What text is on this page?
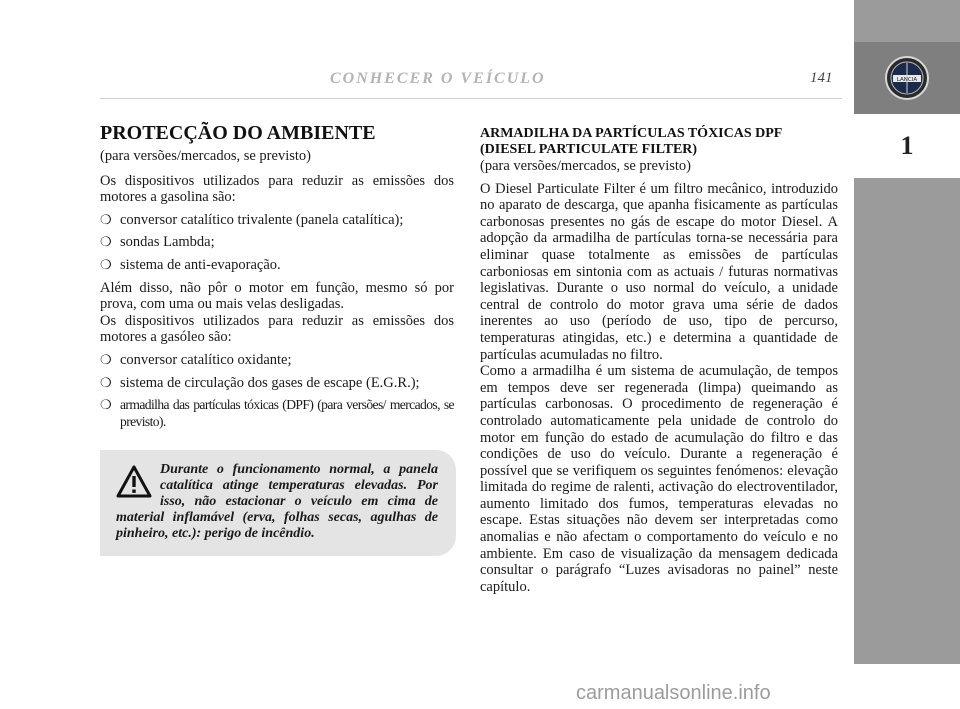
LANCIA
1
CONHECER O VEÍCULO	141
PROTECÇÃO DO AMBIENTE
(para versões/mercados, se previsto)

Os dispositivos utilizados para reduzir as emissões dos motores a gasolina são:

❍ conversor catalítico trivalente (panela catalítica);
❍ sondas Lambda;
❍ sistema de anti-evaporação.

Além disso, não pôr o motor em função, mesmo só por prova, com uma ou mais velas desligadas.

Os dispositivos utilizados para reduzir as emissões dos motores a gasóleo são:

❍ conversor catalítico oxidante;
❍ sistema de circulação dos gases de escape (E.G.R.);
❍ armadilha das partículas tóxicas (DPF) (para versões/ mercados, se previsto).
Durante o funcionamento normal, a panela catalítica atinge temperaturas elevadas. Por isso, não estacionar o veículo em cima de material inflamável (erva, folhas secas, agulhas de pinheiro, etc.): perigo de incêndio.
ARMADILHA DA PARTÍCULAS TÓXICAS DPF
(DIESEL PARTICULATE FILTER)
(para versões/mercados, se previsto)

O Diesel Particulate Filter é um filtro mecânico, introduzido no aparato de descarga, que apanha fisicamente as partículas carbonosas presentes no gás de escape do motor Diesel. A adopção da armadilha de partículas torna-se necessária para eliminar quase totalmente as emissões de partículas carboniosas em sintonia com as actuais / futuras normativas legislativas. Durante o uso normal do veículo, a unidade central de controlo do motor grava uma série de dados inerentes ao uso (período de uso, tipo de percurso, temperaturas atingidas, etc.) e determina a quantidade de partículas acumuladas no filtro.

Como a armadilha é um sistema de acumulação, de tempos em tempos deve ser regenerada (limpa) queimando as partículas carbonosas. O procedimento de regeneração é controlado automaticamente pela unidade de controlo do motor em função do estado de acumulação do filtro e das condições de uso do veículo. Durante a regeneração é possível que se verifiquem os seguintes fenómenos: elevação limitada do regime de ralenti, activação do electroventilador, aumento limitado dos fumos, temperaturas elevadas no escape. Estas situações não devem ser interpretadas como anomalias e não afectam o comportamento do veículo e no ambiente. Em caso de visualização da mensagem dedicada consultar o parágrafo “Luzes avisadoras no painel” neste capítulo.

carmanualsonline.info
